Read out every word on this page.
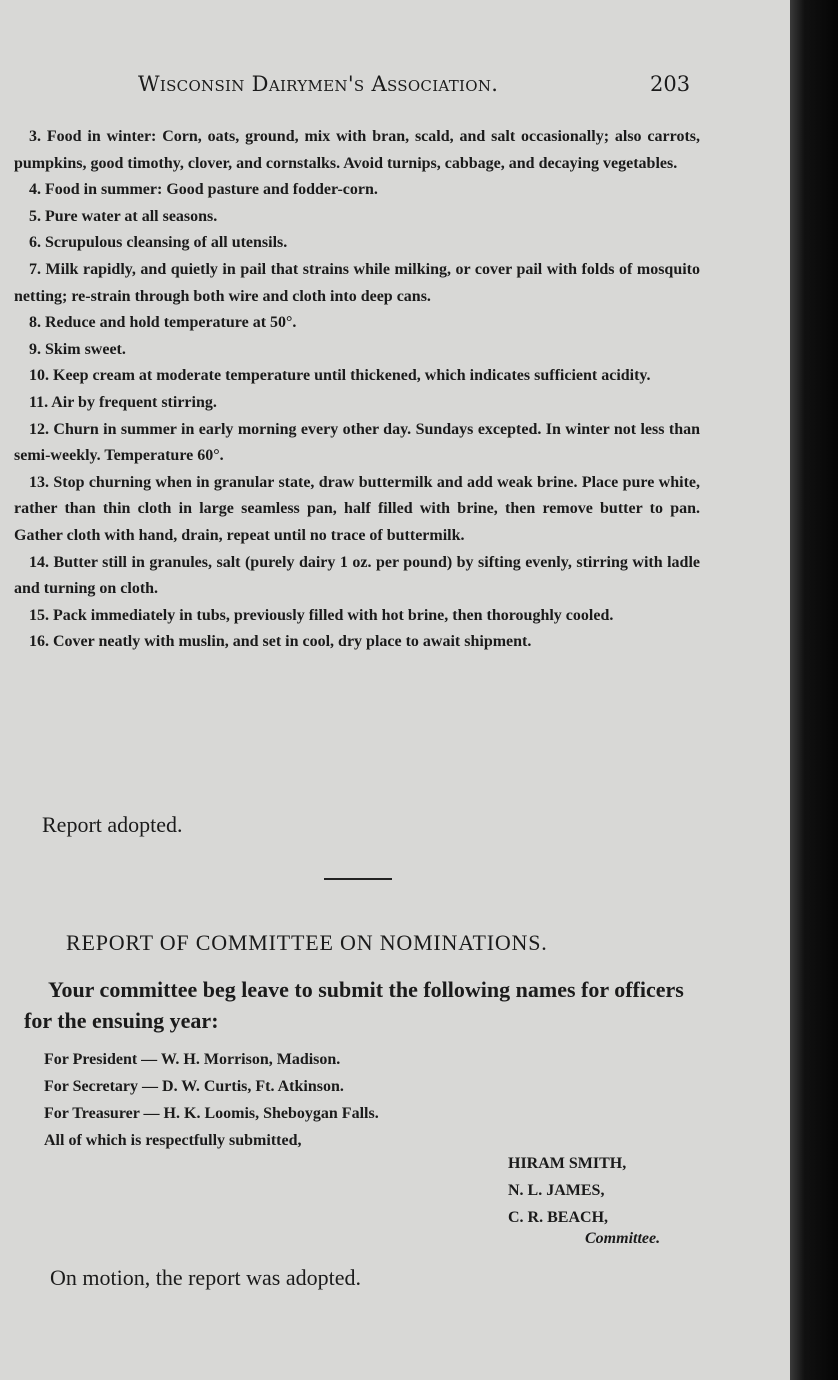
Wisconsin Dairymen's Association.	203

3. Food in winter: Corn, oats, ground, mix with bran, scald, and salt occasionally; also carrots, pumpkins, good timothy, clover, and cornstalks. Avoid turnips, cabbage, and decaying vegetables.

4. Food in summer: Good pasture and fodder-corn.

5. Pure water at all seasons.

6. Scrupulous cleansing of all utensils.

7. Milk rapidly, and quietly in pail that strains while milking, or cover pail with folds of mosquito netting; re-strain through both wire and cloth into deep cans.

8. Reduce and hold temperature at 50°.

9. Skim sweet.

10. Keep cream at moderate temperature until thickened, which indicates sufficient acidity.

11. Air by frequent stirring.

12. Churn in summer in early morning every other day. Sundays excepted. In winter not less than semi-weekly. Temperature 60°.

13. Stop churning when in granular state, draw buttermilk and add weak brine. Place pure white, rather than thin cloth in large seamless pan, half filled with brine, then remove butter to pan. Gather cloth with hand, drain, repeat until no trace of buttermilk.

14. Butter still in granules, salt (purely dairy 1 oz. per pound) by sifting evenly, stirring with ladle and turning on cloth.

15. Pack immediately in tubs, previously filled with hot brine, then thoroughly cooled.

16. Cover neatly with muslin, and set in cool, dry place to await shipment.

Report adopted.
REPORT OF COMMITTEE ON NOMINATIONS.
Your committee beg leave to submit the following names for officers for the ensuing year:
For President — W. H. Morrison, Madison.
For Secretary — D. W. Curtis, Ft. Atkinson.
For Treasurer — H. K. Loomis, Sheboygan Falls.
All of which is respectfully submitted,
HIRAM SMITH,
N. L. JAMES,
C. R. BEACH,
Committee.
On motion, the report was adopted.
